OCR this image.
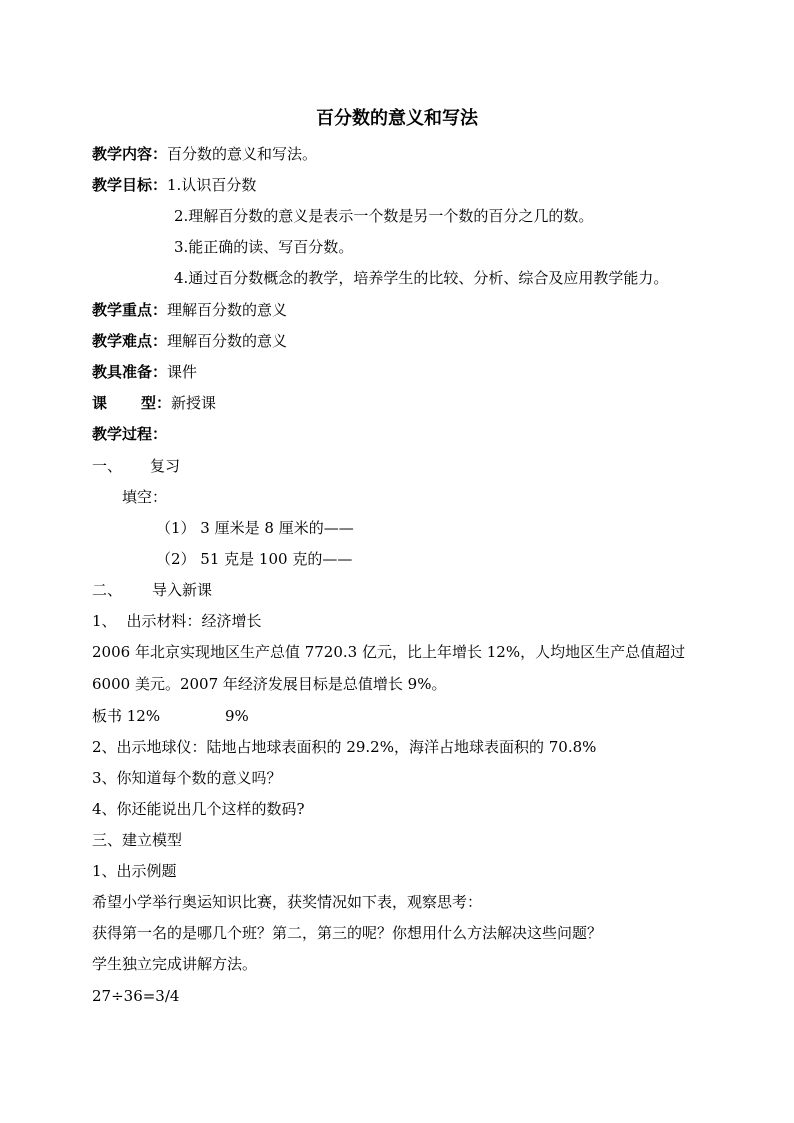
百分数的意义和写法
教学内容：百分数的意义和写法。
教学目标：1.认识百分数
2.理解百分数的意义是表示一个数是另一个数的百分之几的数。
3.能正确的读、写百分数。
4.通过百分数概念的教学，培养学生的比较、分析、综合及应用教学能力。
教学重点：理解百分数的意义
教学难点：理解百分数的意义
教具准备：课件
课 型：新授课
教学过程：
一、 复习
填空：
（1） 3 厘米是 8 厘米的——
（2） 51 克是 100 克的——
二、 导入新课
1、 出示材料：经济增长
2006 年北京实现地区生产总值 7720.3 亿元，比上年增长 12%，人均地区生产总值超过
6000 美元。2007 年经济发展目标是总值增长 9%。
板书 12%	9%
2、出示地球仪：陆地占地球表面积的 29.2%，海洋占地球表面积的 70.8%
3、你知道每个数的意义吗？
4、你还能说出几个这样的数码?
三、建立模型
1、出示例题
希望小学举行奥运知识比赛，获奖情况如下表，观察思考：
获得第一名的是哪几个班？第二，第三的呢？你想用什么方法解决这些问题？
学生独立完成讲解方法。
27÷36=3/4
